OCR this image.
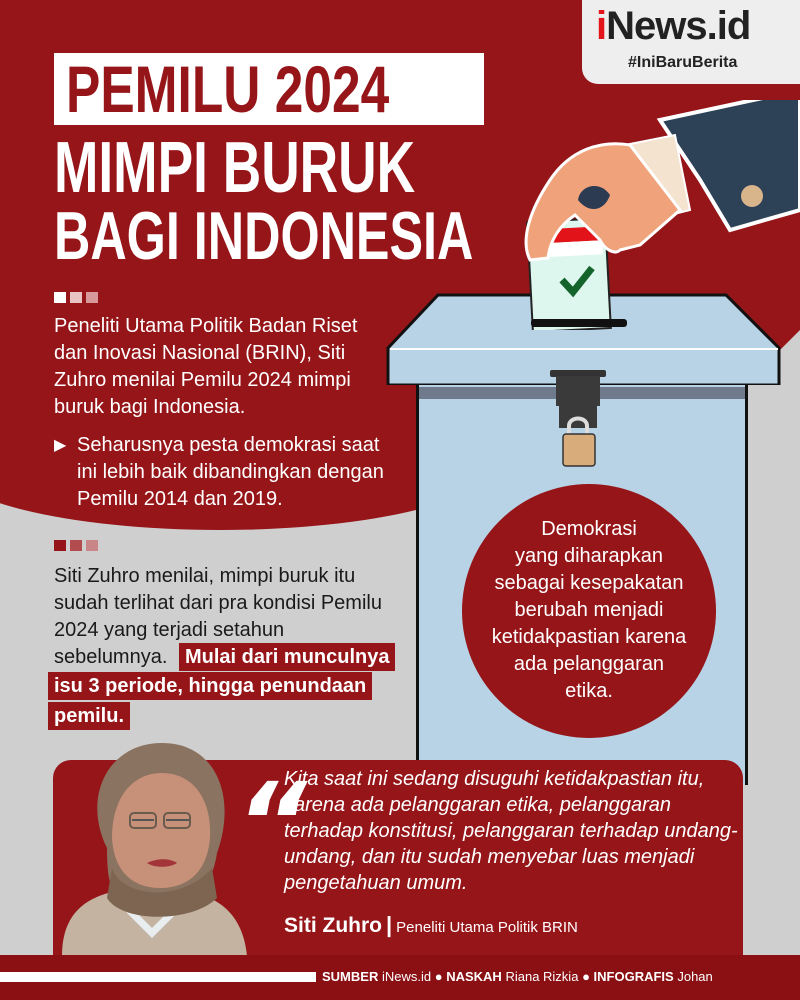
iNews.id
#IniBaruBerita
PEMILU 2024
MIMPI BURUK
BAGI INDONESIA
Peneliti Utama Politik Badan Riset dan Inovasi Nasional (BRIN), Siti Zuhro menilai Pemilu 2024 mimpi buruk bagi Indonesia.
▶ Seharusnya pesta demokrasi saat ini lebih baik dibandingkan dengan Pemilu 2014 dan 2019.
Siti Zuhro menilai, mimpi buruk itu sudah terlihat dari pra kondisi Pemilu 2024 yang terjadi setahun sebelumnya. Mulai dari munculnya
isu 3 periode, hingga penundaan
pemilu.
Demokrasi
yang diharapkan
sebagai kesepakatan
berubah menjadi
ketidakpastian karena
ada pelanggaran
etika.
“
Kita saat ini sedang disuguhi ketidakpastian itu, karena ada pelanggaran etika, pelanggaran terhadap konstitusi, pelanggaran terhadap undang-undang, dan itu sudah menyebar luas menjadi pengetahuan umum.
Siti Zuhro | Peneliti Utama Politik BRIN
SUMBER iNews.id ● NASKAH Riana Rizkia ● INFOGRAFIS Johan
